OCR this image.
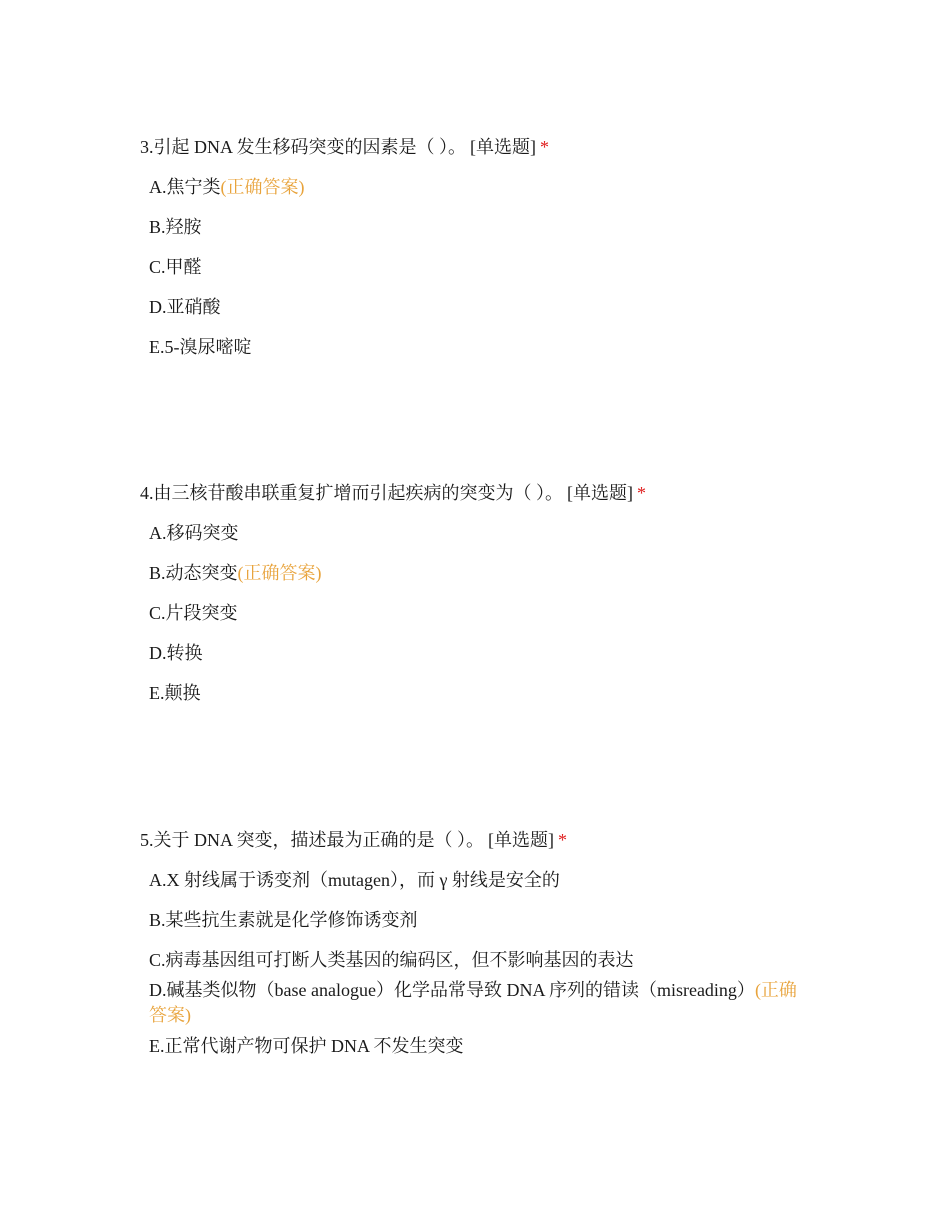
3.引起 DNA 发生移码突变的因素是（ ）。 [单选题] *

A.焦宁类(正确答案)
B.羟胺
C.甲醛
D.亚硝酸
E.5-溴尿嘧啶

4.由三核苷酸串联重复扩增而引起疾病的突变为（ ）。 [单选题] *

A.移码突变
B.动态突变(正确答案)
C.片段突变
D.转换
E.颠换

5.关于 DNA 突变，描述最为正确的是（ ）。 [单选题] *

A.X 射线属于诱变剂（mutagen），而 γ 射线是安全的
B.某些抗生素就是化学修饰诱变剂
C.病毒基因组可打断人类基因的编码区，但不影响基因的表达
D.碱基类似物（base analogue）化学品常导致 DNA 序列的错读（misreading）(正确答案)
E.正常代谢产物可保护 DNA 不发生突变
